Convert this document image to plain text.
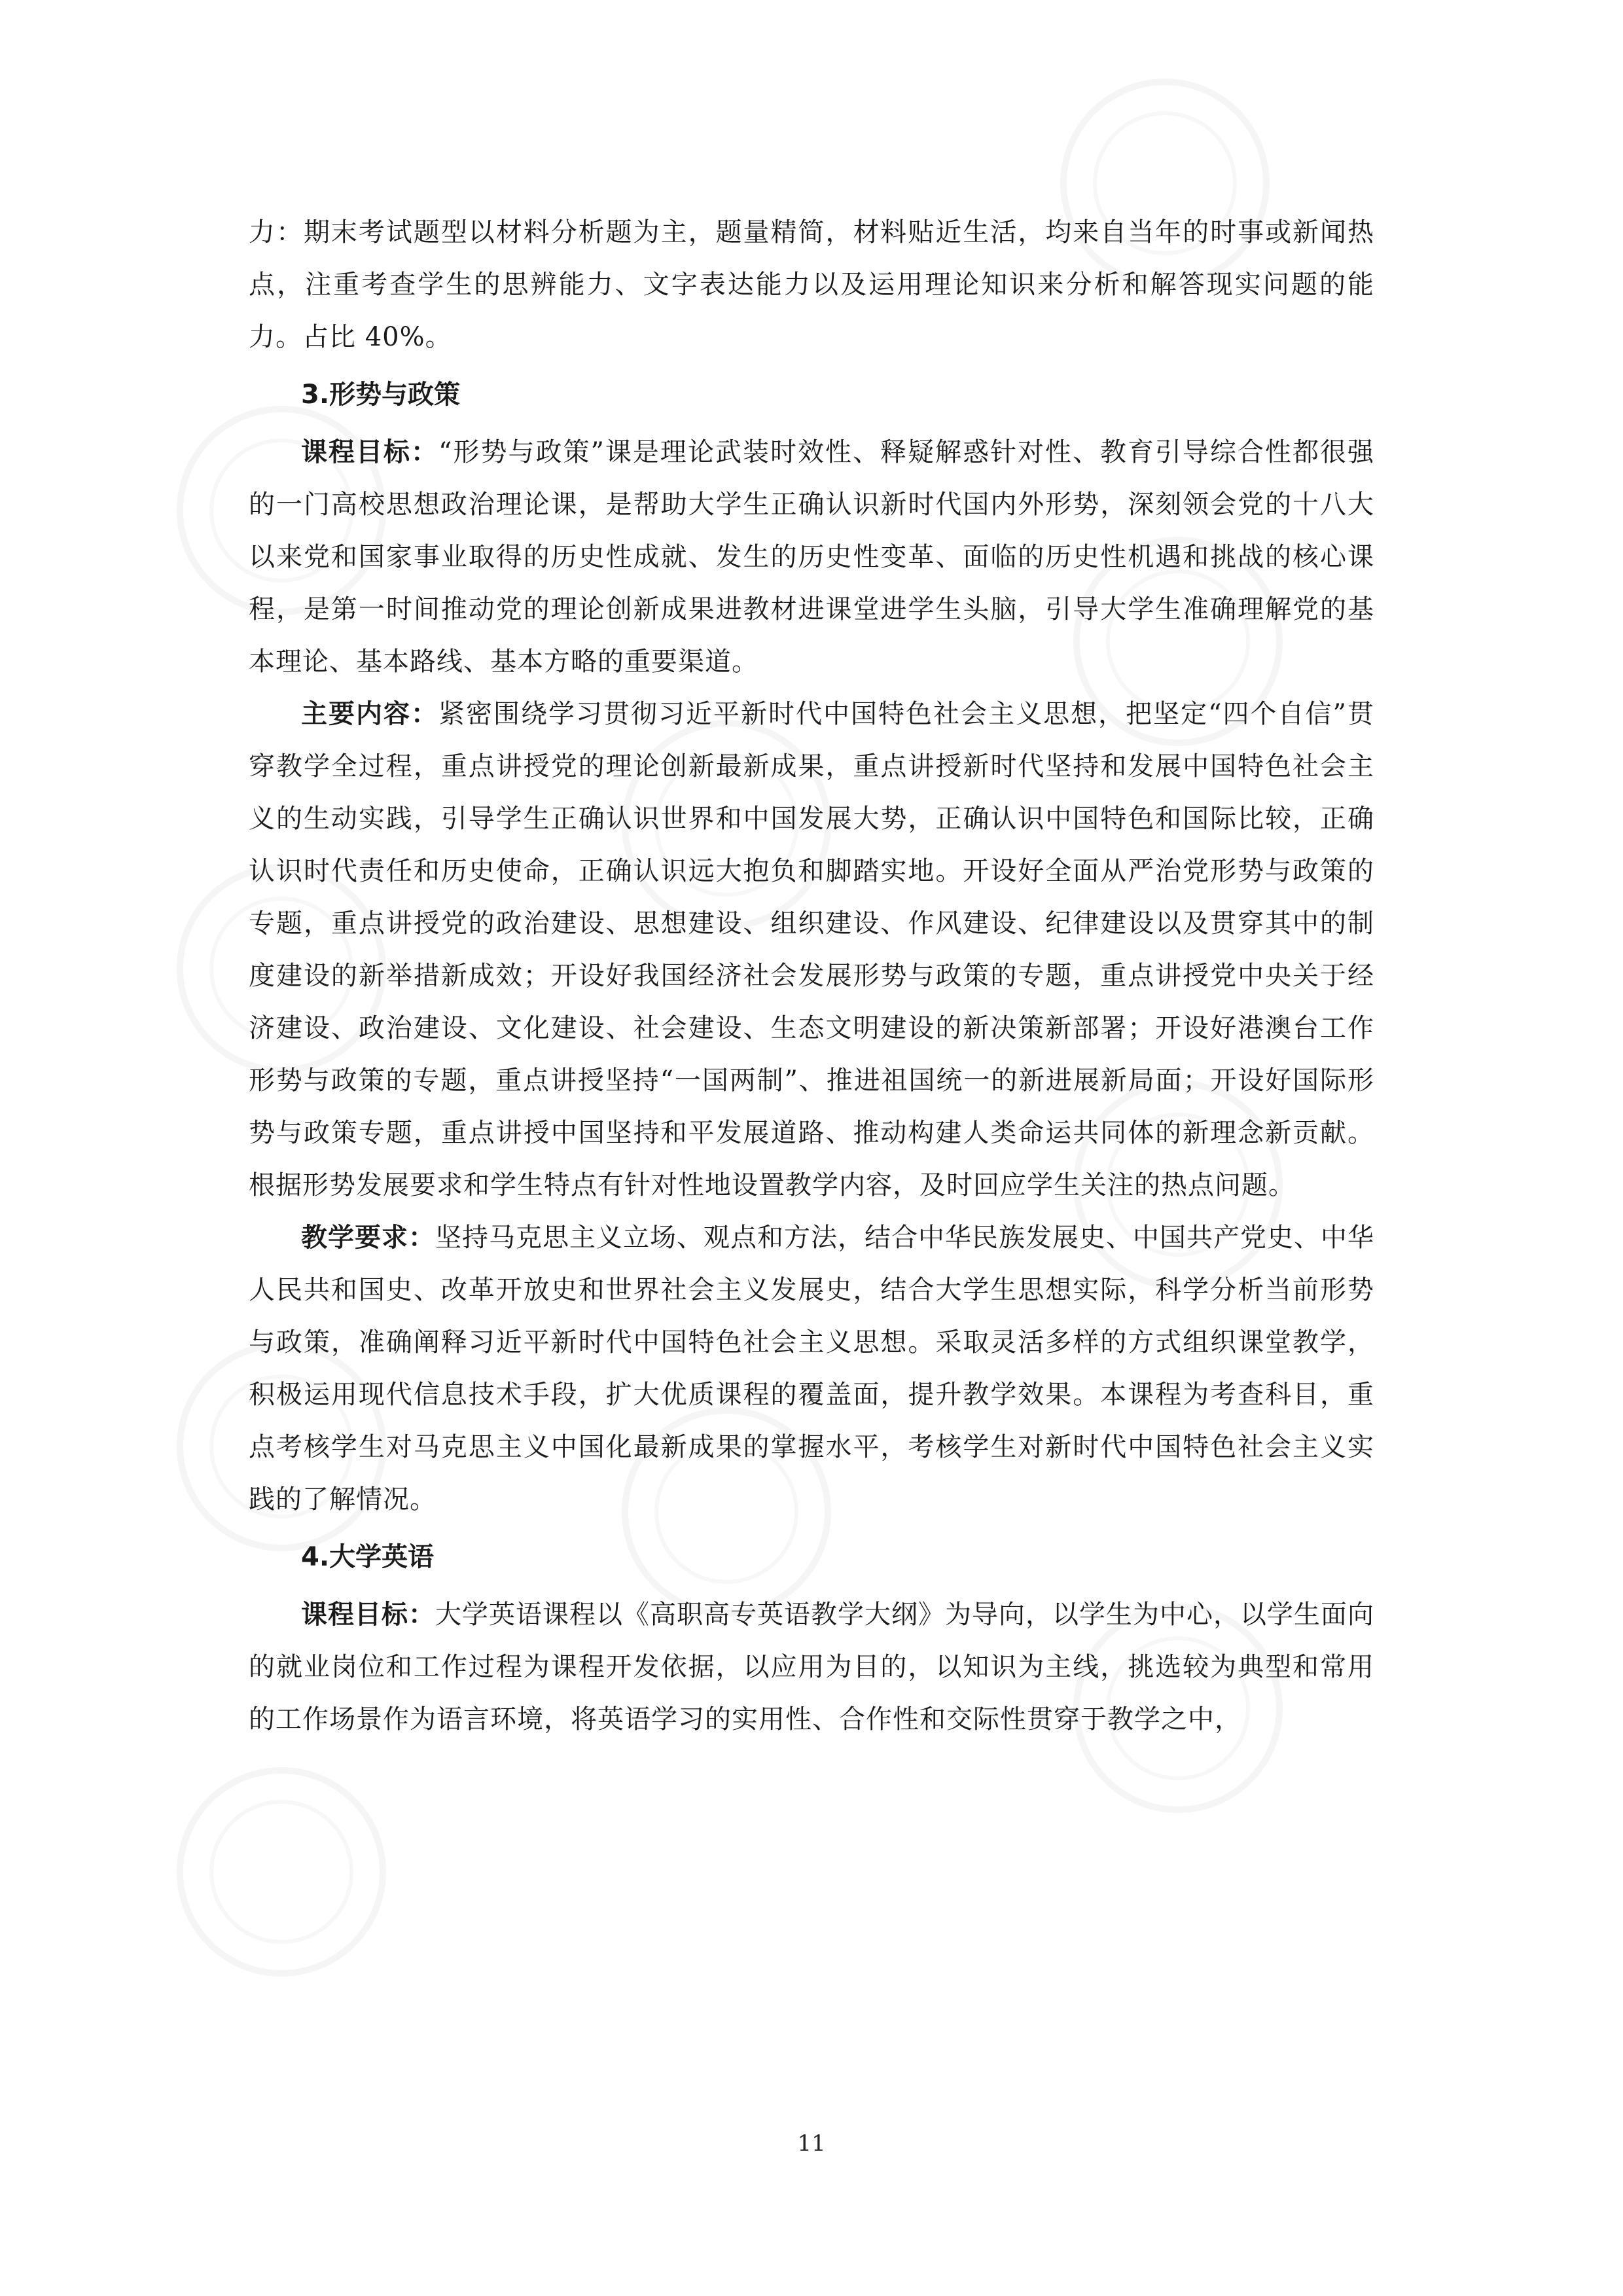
力：期末考试题型以材料分析题为主，题量精简，材料贴近生活，均来自当年的时事或新闻热点，注重考查学生的思辨能力、文字表达能力以及运用理论知识来分析和解答现实问题的能力。占比 40%。

3.形势与政策

课程目标：“形势与政策”课是理论武装时效性、释疑解惑针对性、教育引导综合性都很强的一门高校思想政治理论课，是帮助大学生正确认识新时代国内外形势，深刻领会党的十八大以来党和国家事业取得的历史性成就、发生的历史性变革、面临的历史性机遇和挑战的核心课程，是第一时间推动党的理论创新成果进教材进课堂进学生头脑，引导大学生准确理解党的基本理论、基本路线、基本方略的重要渠道。

主要内容：紧密围绕学习贯彻习近平新时代中国特色社会主义思想，把坚定“四个自信”贯穿教学全过程，重点讲授党的理论创新最新成果，重点讲授新时代坚持和发展中国特色社会主义的生动实践，引导学生正确认识世界和中国发展大势，正确认识中国特色和国际比较，正确认识时代责任和历史使命，正确认识远大抱负和脚踏实地。开设好全面从严治党形势与政策的专题，重点讲授党的政治建设、思想建设、组织建设、作风建设、纪律建设以及贯穿其中的制度建设的新举措新成效；开设好我国经济社会发展形势与政策的专题，重点讲授党中央关于经济建设、政治建设、文化建设、社会建设、生态文明建设的新决策新部署；开设好港澳台工作形势与政策的专题，重点讲授坚持“一国两制”、推进祖国统一的新进展新局面；开设好国际形势与政策专题，重点讲授中国坚持和平发展道路、推动构建人类命运共同体的新理念新贡献。根据形势发展要求和学生特点有针对性地设置教学内容，及时回应学生关注的热点问题。

教学要求：坚持马克思主义立场、观点和方法，结合中华民族发展史、中国共产党史、中华人民共和国史、改革开放史和世界社会主义发展史，结合大学生思想实际，科学分析当前形势与政策，准确阐释习近平新时代中国特色社会主义思想。采取灵活多样的方式组织课堂教学，积极运用现代信息技术手段，扩大优质课程的覆盖面，提升教学效果。本课程为考查科目，重点考核学生对马克思主义中国化最新成果的掌握水平，考核学生对新时代中国特色社会主义实践的了解情况。

4.大学英语

课程目标：大学英语课程以《高职高专英语教学大纲》为导向，以学生为中心，以学生面向的就业岗位和工作过程为课程开发依据，以应用为目的，以知识为主线，挑选较为典型和常用的工作场景作为语言环境，将英语学习的实用性、合作性和交际性贯穿于教学之中，

11
